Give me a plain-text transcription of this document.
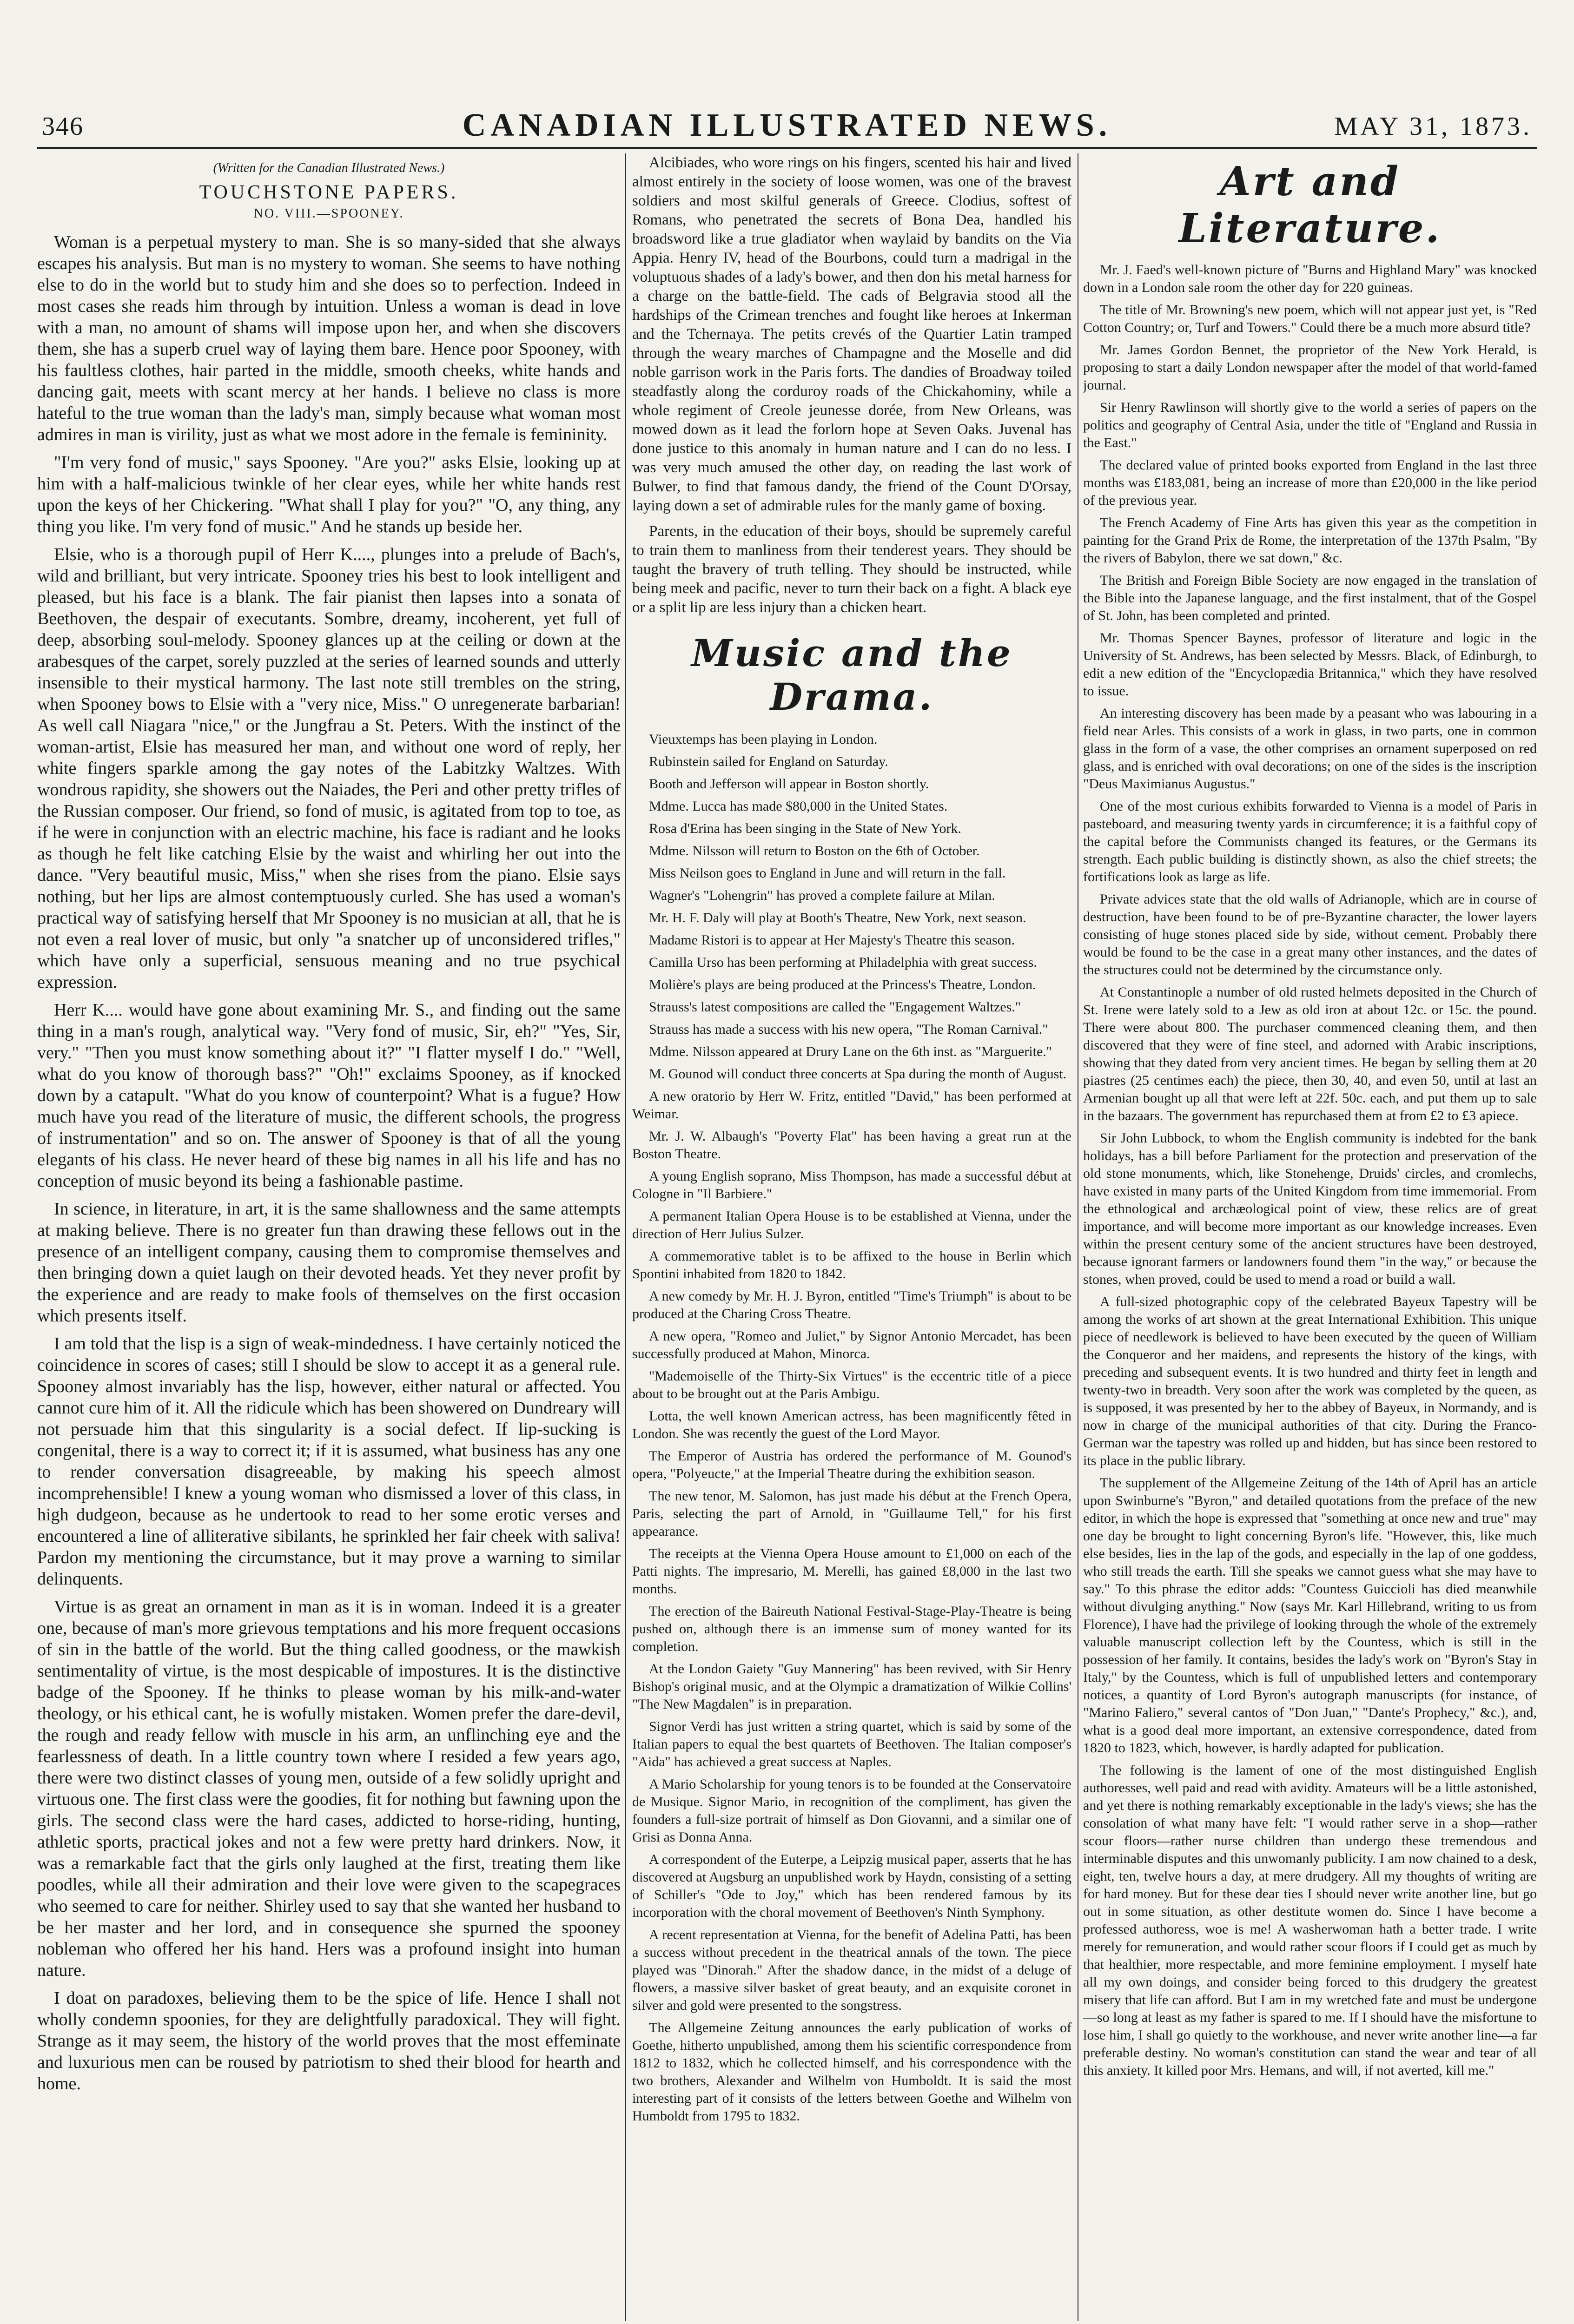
346	CANADIAN ILLUSTRATED NEWS.	MAY 31, 1873.
(Written for the Canadian Illustrated News.)
TOUCHSTONE PAPERS.
NO. VIII.—SPOONEY.

Woman is a perpetual mystery to man. She is so many-sided that she always escapes his analysis. But man is no mystery to woman. She seems to have nothing else to do in the world but to study him and she does so to perfection. Indeed in most cases she reads him through by intuition. Unless a woman is dead in love with a man, no amount of shams will impose upon her, and when she discovers them, she has a superb cruel way of laying them bare. Hence poor Spooney, with his faultless clothes, hair parted in the middle, smooth cheeks, white hands and dancing gait, meets with scant mercy at her hands. I believe no class is more hateful to the true woman than the lady's man, simply because what woman most admires in man is virility, just as what we most adore in the female is femininity.

"I'm very fond of music," says Spooney. "Are you?" asks Elsie, looking up at him with a half-malicious twinkle of her clear eyes, while her white hands rest upon the keys of her Chickering. "What shall I play for you?" "O, any thing, any thing you like. I'm very fond of music." And he stands up beside her.

Elsie, who is a thorough pupil of Herr K...., plunges into a prelude of Bach's, wild and brilliant, but very intricate. Spooney tries his best to look intelligent and pleased, but his face is a blank. The fair pianist then lapses into a sonata of Beethoven, the despair of executants. Sombre, dreamy, incoherent, yet full of deep, absorbing soul-melody. Spooney glances up at the ceiling or down at the arabesques of the carpet, sorely puzzled at the series of learned sounds and utterly insensible to their mystical harmony. The last note still trembles on the string, when Spooney bows to Elsie with a "very nice, Miss." O unregenerate barbarian! As well call Niagara "nice," or the Jungfrau a St. Peters. With the instinct of the woman-artist, Elsie has measured her man, and without one word of reply, her white fingers sparkle among the gay notes of the Labitzky Waltzes. With wondrous rapidity, she showers out the Naiades, the Peri and other pretty trifles of the Russian composer. Our friend, so fond of music, is agitated from top to toe, as if he were in conjunction with an electric machine, his face is radiant and he looks as though he felt like catching Elsie by the waist and whirling her out into the dance. "Very beautiful music, Miss," when she rises from the piano. Elsie says nothing, but her lips are almost contemptuously curled. She has used a woman's practical way of satisfying herself that Mr Spooney is no musician at all, that he is not even a real lover of music, but only "a snatcher up of unconsidered trifles," which have only a superficial, sensuous meaning and no true psychical expression.

Herr K.... would have gone about examining Mr. S., and finding out the same thing in a man's rough, analytical way. "Very fond of music, Sir, eh?" "Yes, Sir, very." "Then you must know something about it?" "I flatter myself I do." "Well, what do you know of thorough bass?" "Oh!" exclaims Spooney, as if knocked down by a catapult. "What do you know of counterpoint? What is a fugue? How much have you read of the literature of music, the different schools, the progress of instrumentation" and so on. The answer of Spooney is that of all the young elegants of his class. He never heard of these big names in all his life and has no conception of music beyond its being a fashionable pastime.

In science, in literature, in art, it is the same shallowness and the same attempts at making believe. There is no greater fun than drawing these fellows out in the presence of an intelligent company, causing them to compromise themselves and then bringing down a quiet laugh on their devoted heads. Yet they never profit by the experience and are ready to make fools of themselves on the first occasion which presents itself.

I am told that the lisp is a sign of weak-mindedness. I have certainly noticed the coincidence in scores of cases; still I should be slow to accept it as a general rule. Spooney almost invariably has the lisp, however, either natural or affected. You cannot cure him of it. All the ridicule which has been showered on Dundreary will not persuade him that this singularity is a social defect. If lip-sucking is congenital, there is a way to correct it; if it is assumed, what business has any one to render conversation disagreeable, by making his speech almost incomprehensible! I knew a young woman who dismissed a lover of this class, in high dudgeon, because as he undertook to read to her some erotic verses and encountered a line of alliterative sibilants, he sprinkled her fair cheek with saliva! Pardon my mentioning the circumstance, but it may prove a warning to similar delinquents.

Virtue is as great an ornament in man as it is in woman. Indeed it is a greater one, because of man's more grievous temptations and his more frequent occasions of sin in the battle of the world. But the thing called goodness, or the mawkish sentimentality of virtue, is the most despicable of impostures. It is the distinctive badge of the Spooney. If he thinks to please woman by his milk-and-water theology, or his ethical cant, he is wofully mistaken. Women prefer the dare-devil, the rough and ready fellow with muscle in his arm, an unflinching eye and the fearlessness of death. In a little country town where I resided a few years ago, there were two distinct classes of young men, outside of a few solidly upright and virtuous one. The first class were the goodies, fit for nothing but fawning upon the girls. The second class were the hard cases, addicted to horse-riding, hunting, athletic sports, practical jokes and not a few were pretty hard drinkers. Now, it was a remarkable fact that the girls only laughed at the first, treating them like poodles, while all their admiration and their love were given to the scapegraces who seemed to care for neither. Shirley used to say that she wanted her husband to be her master and her lord, and in consequence she spurned the spooney nobleman who offered her his hand. Hers was a profound insight into human nature.

I doat on paradoxes, believing them to be the spice of life. Hence I shall not wholly condemn spoonies, for they are delightfully paradoxical. They will fight. Strange as it may seem, the history of the world proves that the most effeminate and luxurious men can be roused by patriotism to shed their blood for hearth and home.

Alcibiades, who wore rings on his fingers, scented his hair and lived almost entirely in the society of loose women, was one of the bravest soldiers and most skilful generals of Greece. Clodius, softest of Romans, who penetrated the secrets of Bona Dea, handled his broadsword like a true gladiator when waylaid by bandits on the Via Appia. Henry IV, head of the Bourbons, could turn a madrigal in the voluptuous shades of a lady's bower, and then don his metal harness for a charge on the battle-field. The cads of Belgravia stood all the hardships of the Crimean trenches and fought like heroes at Inkerman and the Tchernaya. The petits crevés of the Quartier Latin tramped through the weary marches of Champagne and the Moselle and did noble garrison work in the Paris forts. The dandies of Broadway toiled steadfastly along the corduroy roads of the Chickahominy, while a whole regiment of Creole jeunesse dorée, from New Orleans, was mowed down as it lead the forlorn hope at Seven Oaks. Juvenal has done justice to this anomaly in human nature and I can do no less. I was very much amused the other day, on reading the last work of Bulwer, to find that famous dandy, the friend of the Count D'Orsay, laying down a set of admirable rules for the manly game of boxing.

Parents, in the education of their boys, should be supremely careful to train them to manliness from their tenderest years. They should be taught the bravery of truth telling. They should be instructed, while being meek and pacific, never to turn their back on a fight. A black eye or a split lip are less injury than a chicken heart.

Music and the Drama.

Vieuxtemps has been playing in London.

Rubinstein sailed for England on Saturday.

Booth and Jefferson will appear in Boston shortly.

Mdme. Lucca has made $80,000 in the United States.

Rosa d'Erina has been singing in the State of New York.

Mdme. Nilsson will return to Boston on the 6th of October.

Miss Neilson goes to England in June and will return in the fall.

Wagner's "Lohengrin" has proved a complete failure at Milan.

Mr. H. F. Daly will play at Booth's Theatre, New York, next season.

Madame Ristori is to appear at Her Majesty's Theatre this season.

Camilla Urso has been performing at Philadelphia with great success.

Molière's plays are being produced at the Princess's Theatre, London.

Strauss's latest compositions are called the "Engagement Waltzes."

Strauss has made a success with his new opera, "The Roman Carnival."

Mdme. Nilsson appeared at Drury Lane on the 6th inst. as "Marguerite."

M. Gounod will conduct three concerts at Spa during the month of August.

A new oratorio by Herr W. Fritz, entitled "David," has been performed at Weimar.

Mr. J. W. Albaugh's "Poverty Flat" has been having a great run at the Boston Theatre.

A young English soprano, Miss Thompson, has made a successful début at Cologne in "Il Barbiere."

A permanent Italian Opera House is to be established at Vienna, under the direction of Herr Julius Sulzer.

A commemorative tablet is to be affixed to the house in Berlin which Spontini inhabited from 1820 to 1842.

A new comedy by Mr. H. J. Byron, entitled "Time's Triumph" is about to be produced at the Charing Cross Theatre.

A new opera, "Romeo and Juliet," by Signor Antonio Mercadet, has been successfully produced at Mahon, Minorca.

"Mademoiselle of the Thirty-Six Virtues" is the eccentric title of a piece about to be brought out at the Paris Ambigu.

Lotta, the well known American actress, has been magnificently fêted in London. She was recently the guest of the Lord Mayor.

The Emperor of Austria has ordered the performance of M. Gounod's opera, "Polyeucte," at the Imperial Theatre during the exhibition season.

The new tenor, M. Salomon, has just made his début at the French Opera, Paris, selecting the part of Arnold, in "Guillaume Tell," for his first appearance.

The receipts at the Vienna Opera House amount to £1,000 on each of the Patti nights. The impresario, M. Merelli, has gained £8,000 in the last two months.

The erection of the Baireuth National Festival-Stage-Play-Theatre is being pushed on, although there is an immense sum of money wanted for its completion.

At the London Gaiety "Guy Mannering" has been revived, with Sir Henry Bishop's original music, and at the Olympic a dramatization of Wilkie Collins' "The New Magdalen" is in preparation.

Signor Verdi has just written a string quartet, which is said by some of the Italian papers to equal the best quartets of Beethoven. The Italian composer's "Aida" has achieved a great success at Naples.

A Mario Scholarship for young tenors is to be founded at the Conservatoire de Musique. Signor Mario, in recognition of the compliment, has given the founders a full-size portrait of himself as Don Giovanni, and a similar one of Grisi as Donna Anna.

A correspondent of the Euterpe, a Leipzig musical paper, asserts that he has discovered at Augsburg an unpublished work by Haydn, consisting of a setting of Schiller's "Ode to Joy," which has been rendered famous by its incorporation with the choral movement of Beethoven's Ninth Symphony.

A recent representation at Vienna, for the benefit of Adelina Patti, has been a success without precedent in the theatrical annals of the town. The piece played was "Dinorah." After the shadow dance, in the midst of a deluge of flowers, a massive silver basket of great beauty, and an exquisite coronet in silver and gold were presented to the songstress.

The Allgemeine Zeitung announces the early publication of works of Goethe, hitherto unpublished, among them his scientific correspondence from 1812 to 1832, which he collected himself, and his correspondence with the two brothers, Alexander and Wilhelm von Humboldt. It is said the most interesting part of it consists of the letters between Goethe and Wilhelm von Humboldt from 1795 to 1832.

Art and Literature.

Mr. J. Faed's well-known picture of "Burns and Highland Mary" was knocked down in a London sale room the other day for 220 guineas.

The title of Mr. Browning's new poem, which will not appear just yet, is "Red Cotton Country; or, Turf and Towers." Could there be a much more absurd title?

Mr. James Gordon Bennet, the proprietor of the New York Herald, is proposing to start a daily London newspaper after the model of that world-famed journal.

Sir Henry Rawlinson will shortly give to the world a series of papers on the politics and geography of Central Asia, under the title of "England and Russia in the East."

The declared value of printed books exported from England in the last three months was £183,081, being an increase of more than £20,000 in the like period of the previous year.

The French Academy of Fine Arts has given this year as the competition in painting for the Grand Prix de Rome, the interpretation of the 137th Psalm, "By the rivers of Babylon, there we sat down," &c.

The British and Foreign Bible Society are now engaged in the translation of the Bible into the Japanese language, and the first instalment, that of the Gospel of St. John, has been completed and printed.

Mr. Thomas Spencer Baynes, professor of literature and logic in the University of St. Andrews, has been selected by Messrs. Black, of Edinburgh, to edit a new edition of the "Encyclopædia Britannica," which they have resolved to issue.

An interesting discovery has been made by a peasant who was labouring in a field near Arles. This consists of a work in glass, in two parts, one in common glass in the form of a vase, the other comprises an ornament superposed on red glass, and is enriched with oval decorations; on one of the sides is the inscription "Deus Maximianus Augustus."

One of the most curious exhibits forwarded to Vienna is a model of Paris in pasteboard, and measuring twenty yards in circumference; it is a faithful copy of the capital before the Communists changed its features, or the Germans its strength. Each public building is distinctly shown, as also the chief streets; the fortifications look as large as life.

Private advices state that the old walls of Adrianople, which are in course of destruction, have been found to be of pre-Byzantine character, the lower layers consisting of huge stones placed side by side, without cement. Probably there would be found to be the case in a great many other instances, and the dates of the structures could not be determined by the circumstance only.

At Constantinople a number of old rusted helmets deposited in the Church of St. Irene were lately sold to a Jew as old iron at about 12c. or 15c. the pound. There were about 800. The purchaser commenced cleaning them, and then discovered that they were of fine steel, and adorned with Arabic inscriptions, showing that they dated from very ancient times. He began by selling them at 20 piastres (25 centimes each) the piece, then 30, 40, and even 50, until at last an Armenian bought up all that were left at 22f. 50c. each, and put them up to sale in the bazaars. The government has repurchased them at from £2 to £3 apiece.

Sir John Lubbock, to whom the English community is indebted for the bank holidays, has a bill before Parliament for the protection and preservation of the old stone monuments, which, like Stonehenge, Druids' circles, and cromlechs, have existed in many parts of the United Kingdom from time immemorial. From the ethnological and archæological point of view, these relics are of great importance, and will become more important as our knowledge increases. Even within the present century some of the ancient structures have been destroyed, because ignorant farmers or landowners found them "in the way," or because the stones, when proved, could be used to mend a road or build a wall.

A full-sized photographic copy of the celebrated Bayeux Tapestry will be among the works of art shown at the great International Exhibition. This unique piece of needlework is believed to have been executed by the queen of William the Conqueror and her maidens, and represents the history of the kings, with preceding and subsequent events. It is two hundred and thirty feet in length and twenty-two in breadth. Very soon after the work was completed by the queen, as is supposed, it was presented by her to the abbey of Bayeux, in Normandy, and is now in charge of the municipal authorities of that city. During the Franco-German war the tapestry was rolled up and hidden, but has since been restored to its place in the public library.

The supplement of the Allgemeine Zeitung of the 14th of April has an article upon Swinburne's "Byron," and detailed quotations from the preface of the new editor, in which the hope is expressed that "something at once new and true" may one day be brought to light concerning Byron's life. "However, this, like much else besides, lies in the lap of the gods, and especially in the lap of one goddess, who still treads the earth. Till she speaks we cannot guess what she may have to say." To this phrase the editor adds: "Countess Guiccioli has died meanwhile without divulging anything." Now (says Mr. Karl Hillebrand, writing to us from Florence), I have had the privilege of looking through the whole of the extremely valuable manuscript collection left by the Countess, which is still in the possession of her family. It contains, besides the lady's work on "Byron's Stay in Italy," by the Countess, which is full of unpublished letters and contemporary notices, a quantity of Lord Byron's autograph manuscripts (for instance, of "Marino Faliero," several cantos of "Don Juan," "Dante's Prophecy," &c.), and, what is a good deal more important, an extensive correspondence, dated from 1820 to 1823, which, however, is hardly adapted for publication.

The following is the lament of one of the most distinguished English authoresses, well paid and read with avidity. Amateurs will be a little astonished, and yet there is nothing remarkably exceptionable in the lady's views; she has the consolation of what many have felt: "I would rather serve in a shop—rather scour floors—rather nurse children than undergo these tremendous and interminable disputes and this unwomanly publicity. I am now chained to a desk, eight, ten, twelve hours a day, at mere drudgery. All my thoughts of writing are for hard money. But for these dear ties I should never write another line, but go out in some situation, as other destitute women do. Since I have become a professed authoress, woe is me! A washerwoman hath a better trade. I write merely for remuneration, and would rather scour floors if I could get as much by that healthier, more respectable, and more feminine employment. I myself hate all my own doings, and consider being forced to this drudgery the greatest misery that life can afford. But I am in my wretched fate and must be undergone—so long at least as my father is spared to me. If I should have the misfortune to lose him, I shall go quietly to the workhouse, and never write another line—a far preferable destiny. No woman's constitution can stand the wear and tear of all this anxiety. It killed poor Mrs. Hemans, and will, if not averted, kill me."
